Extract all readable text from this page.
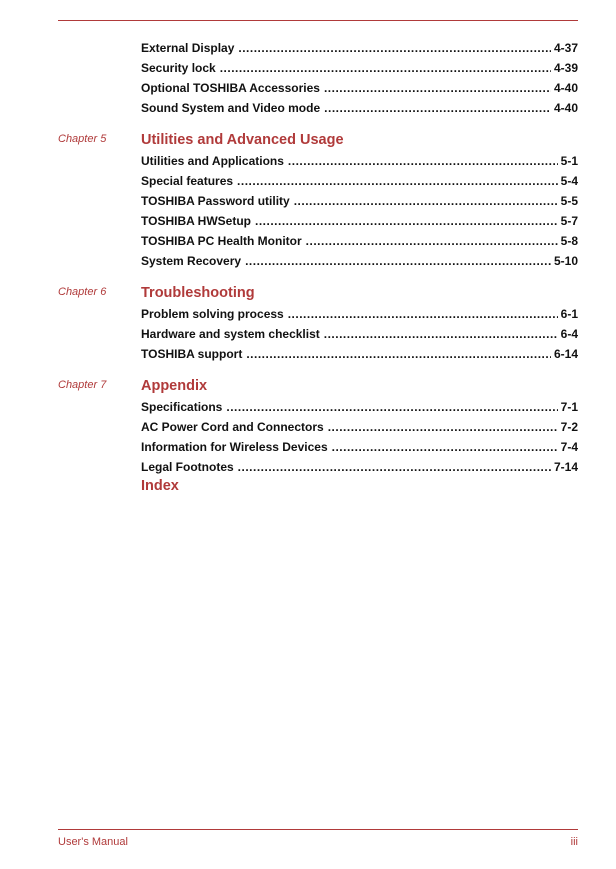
External Display .....	4-37
Security lock .....	4-39
Optional TOSHIBA Accessories .....	4-40
Sound System and Video mode .....	4-40
Chapter 5 Utilities and Advanced Usage
Utilities and Applications .....	5-1
Special features .....	5-4
TOSHIBA Password utility .....	5-5
TOSHIBA HWSetup .....	5-7
TOSHIBA PC Health Monitor .....	5-8
System Recovery .....	5-10
Chapter 6 Troubleshooting
Problem solving process .....	6-1
Hardware and system checklist .....	6-4
TOSHIBA support .....	6-14
Chapter 7 Appendix
Specifications .....	7-1
AC Power Cord and Connectors .....	7-2
Information for Wireless Devices .....	7-4
Legal Footnotes .....	7-14
Index
User's Manual	iii
